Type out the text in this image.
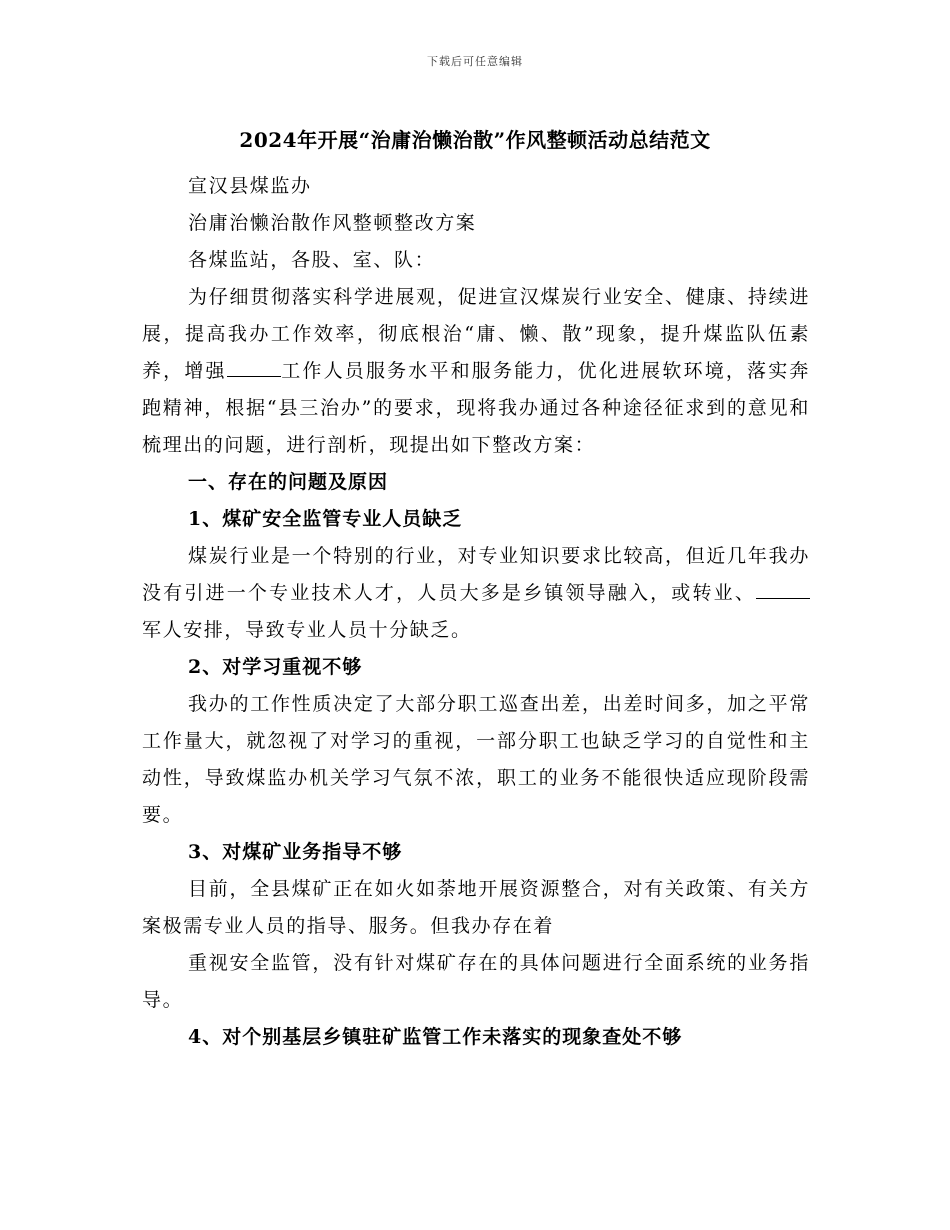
下载后可任意编辑
2024年开展“治庸治懒治散”作风整顿活动总结范文

宣汉县煤监办

治庸治懒治散作风整顿整改方案

各煤监站，各股、室、队：

为仔细贯彻落实科学进展观，促进宣汉煤炭行业安全、健康、持续进展，提高我办工作效率，彻底根治“庸、懒、散”现象，提升煤监队伍素养，增强	工作人员服务水平和服务能力，优化进展软环境，落实奔跑精神，根据“县三治办”的要求，现将我办通过各种途径征求到的意见和梳理出的问题，进行剖析，现提出如下整改方案：

一、存在的问题及原因

1、煤矿安全监管专业人员缺乏

煤炭行业是一个特别的行业，对专业知识要求比较高，但近几年我办没有引进一个专业技术人才，人员大多是乡镇领导融入，或转业、军人安排，导致专业人员十分缺乏。

2、对学习重视不够

我办的工作性质决定了大部分职工巡查出差，出差时间多，加之平常工作量大，就忽视了对学习的重视，一部分职工也缺乏学习的自觉性和主动性，导致煤监办机关学习气氛不浓，职工的业务不能很快适应现阶段需要。

3、对煤矿业务指导不够

目前，全县煤矿正在如火如荼地开展资源整合，对有关政策、有关方案极需专业人员的指导、服务。但我办存在着

重视安全监管，没有针对煤矿存在的具体问题进行全面系统的业务指导。

4、对个别基层乡镇驻矿监管工作未落实的现象查处不够
